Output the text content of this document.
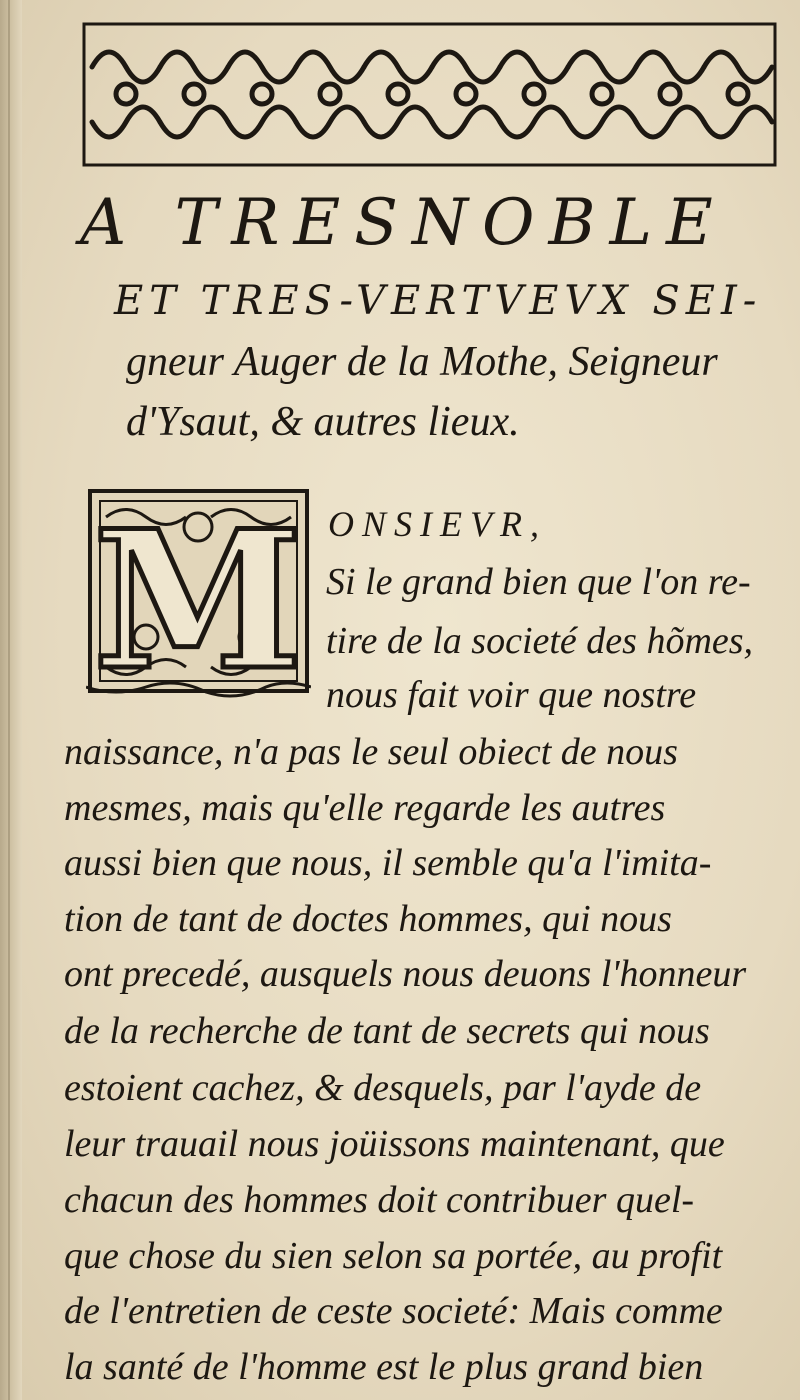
A TRESNOBLE
ET TRES-VERTVEVX SEI-
gneur Auger de la Mothe, Seigneur
d'Ysaut, & autres lieux.
M ONSIEVR,
Si le grand bien que l'on re-
tire de la societé des hõmes,
nous fait voir que nostre
naissance, n'a pas le seul obiect de nous
mesmes, mais qu'elle regarde les autres
aussi bien que nous, il semble qu'a l'imita-
tion de tant de doctes hommes, qui nous
ont precedé, ausquels nous deuons l'honneur
de la recherche de tant de secrets qui nous
estoient cachez, & desquels, par l'ayde de
leur trauail nous joüissons maintenant, que
chacun des hommes doit contribuer quel-
que chose du sien selon sa portée, au profit
de l'entretien de ceste societé: Mais comme
la santé de l'homme est le plus grand bien
